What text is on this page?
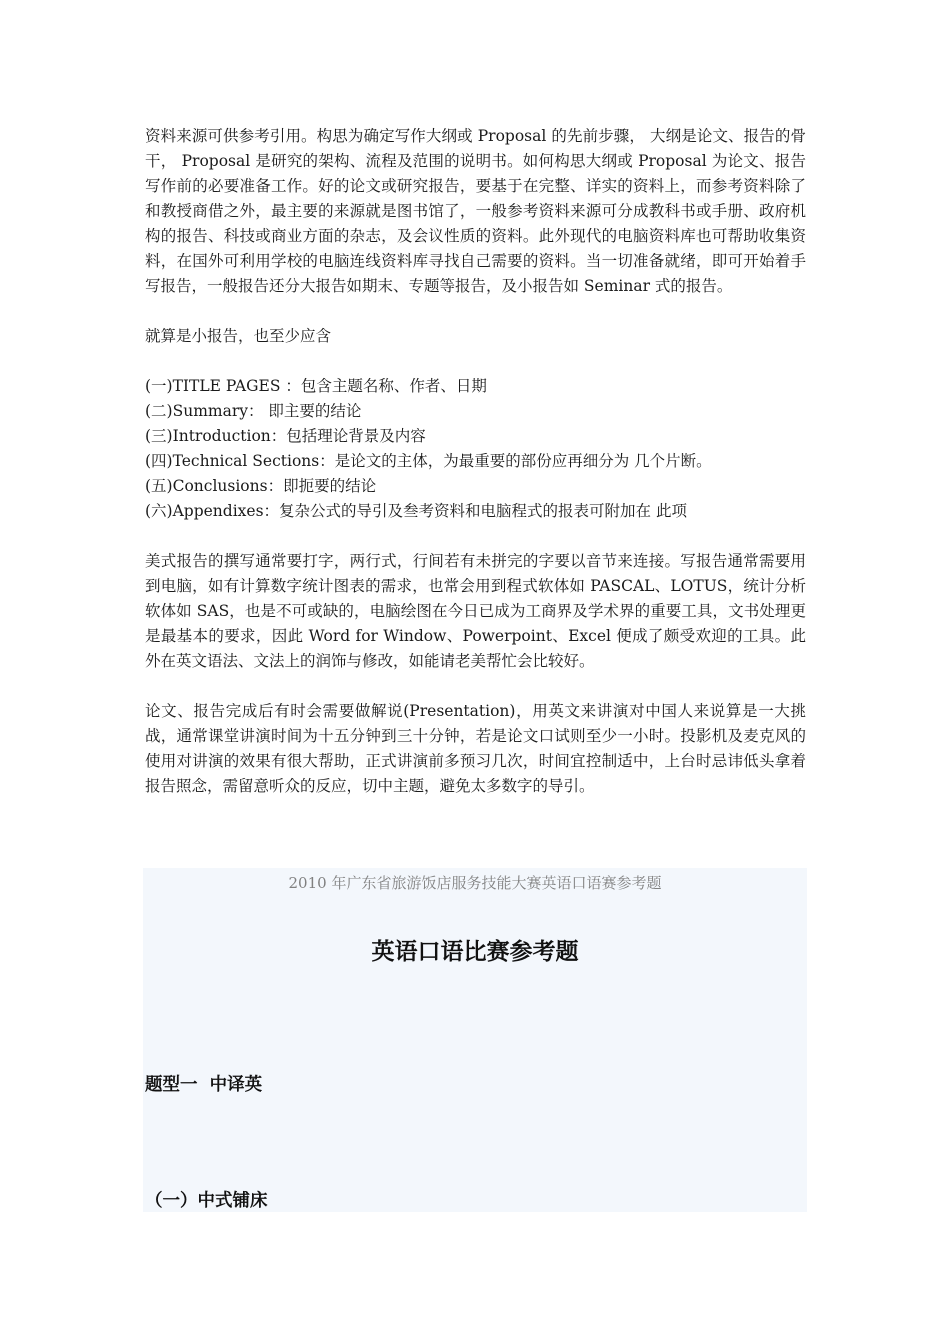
资料来源可供参考引用。构思为确定写作大纲或 Proposal 的先前步骤， 大纲是论文、报告的骨干， Proposal 是研究的架构、流程及范围的说明书。如何构思大纲或 Proposal 为论文、报告写作前的必要准备工作。好的论文或研究报告，要基于在完整、详实的资料上，而参考资料除了和教授商借之外，最主要的来源就是图书馆了，一般参考资料来源可分成教科书或手册、政府机构的报告、科技或商业方面的杂志，及会议性质的资料。此外现代的电脑资料库也可帮助收集资料，在国外可利用学校的电脑连线资料库寻找自己需要的资料。当一切准备就绪，即可开始着手写报告，一般报告还分大报告如期末、专题等报告，及小报告如 Seminar 式的报告。

就算是小报告，也至少应含

(一)TITLE PAGES ：包含主题名称、作者、日期

(二)Summary： 即主要的结论

(三)Introduction：包括理论背景及内容

(四)Technical Sections：是论文的主体，为最重要的部份应再细分为 几个片断。

(五)Conclusions：即扼要的结论

(六)Appendixes：复杂公式的导引及叁考资料和电脑程式的报表可附加在 此项

美式报告的撰写通常要打字，两行式，行间若有未拼完的字要以音节来连接。写报告通常需要用到电脑，如有计算数字统计图表的需求，也常会用到程式软体如 PASCAL、LOTUS，统计分析软体如 SAS，也是不可或缺的，电脑绘图在今日已成为工商界及学术界的重要工具，文书处理更是最基本的要求，因此 Word for Window、Powerpoint、Excel 便成了颇受欢迎的工具。此外在英文语法、文法上的润饰与修改，如能请老美帮忙会比较好。

论文、报告完成后有时会需要做解说(Presentation)，用英文来讲演对中国人来说算是一大挑战，通常课堂讲演时间为十五分钟到三十分钟，若是论文口试则至少一小时。投影机及麦克风的使用对讲演的效果有很大帮助，正式讲演前多预习几次，时间宜控制适中，上台时忌讳低头拿着报告照念，需留意听众的反应，切中主题，避免太多数字的导引。

2010 年广东省旅游饭店服务技能大赛英语口语赛参考题
英语口语比赛参考题
题型一  中译英
（一）中式铺床
